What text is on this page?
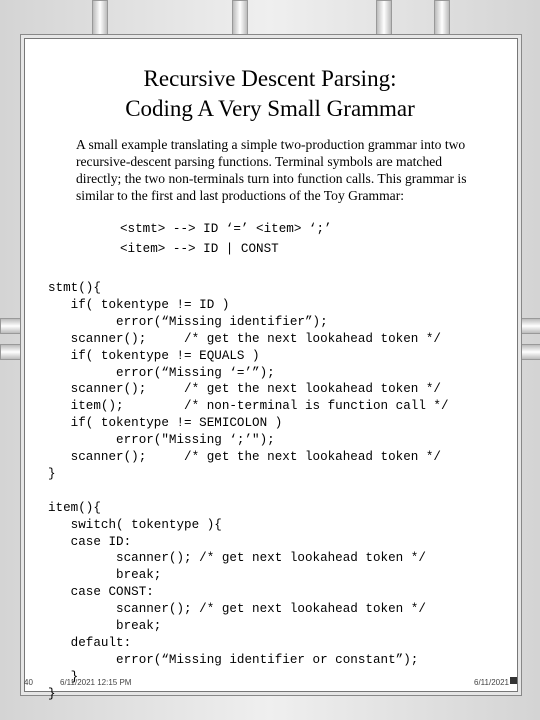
Recursive Descent Parsing:
Coding A Very Small Grammar

A small example translating a simple two-production grammar into two recursive-descent parsing functions. Terminal symbols are matched directly; the two non-terminals turn into function calls. This grammar is similar to the first and last productions of the Toy Grammar:

<stmt> --> ID ‘=’ <item> ‘;’
<item> --> ID | CONST
stmt(){
if( tokentype != ID )
error(“Missing identifier”);
scanner();     /* get the next lookahead token */
if( tokentype != EQUALS )
error(“Missing ‘=’”);
scanner();     /* get the next lookahead token */
item();        /* non-terminal is function call */
if( tokentype != SEMICOLON )
error("Missing ‘;’");
scanner();     /* get the next lookahead token */
}
item(){
switch( tokentype ){
case ID:
scanner(); /* get next lookahead token */
break;
case CONST:
scanner(); /* get next lookahead token */
break;
default:
error(“Missing identifier or constant”);
}
}
40	6/11/2021 12:15 PM	6/11/2021
